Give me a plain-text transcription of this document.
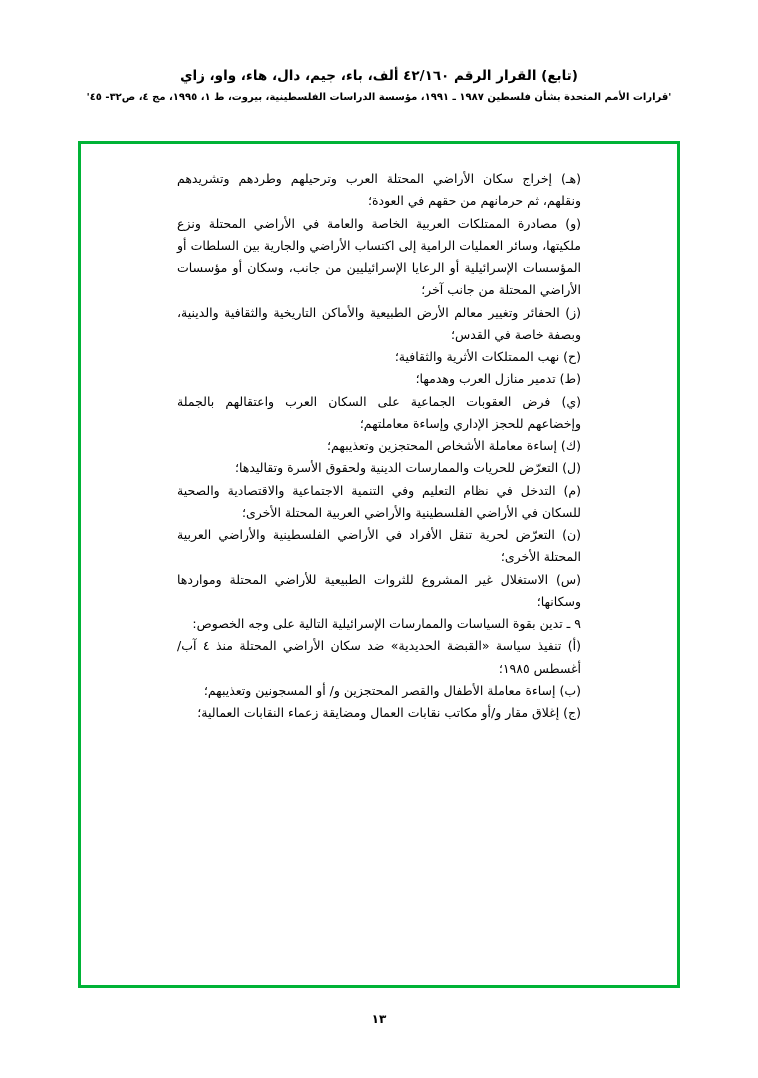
(تابع) القرار الرقم ٤٢/١٦٠ ألف، باء، جيم، دال، هاء، واو، زاي
'قرارات الأمم المتحدة بشأن فلسطين ١٩٨٧ ـ ١٩٩١، مؤسسة الدراسات الفلسطينية، بيروت، ط ١، ١٩٩٥، مج ٤، ص٣٢- ٤٥'

(هـ) إخراج سكان الأراضي المحتلة العرب وترحيلهم وطردهم وتشريدهم ونقلهم، ثم حرمانهم من حقهم في العودة؛

(و) مصادرة الممتلكات العربية الخاصة والعامة في الأراضي المحتلة ونزع ملكيتها، وسائر العمليات الرامية إلى اكتساب الأراضي والجارية بين السلطات أو المؤسسات الإسرائيلية أو الرعايا الإسرائيليين من جانب، وسكان أو مؤسسات الأراضي المحتلة من جانب آخر؛

(ز) الحفائر وتغيير معالم الأرض الطبيعية والأماكن التاريخية والثقافية والدينية، وبصفة خاصة في القدس؛

(ح) نهب الممتلكات الأثرية والثقافية؛

(ط) تدمير منازل العرب وهدمها؛

(ي) فرض العقوبات الجماعية على السكان العرب واعتقالهم بالجملة وإخضاعهم للحجز الإداري وإساءة معاملتهم؛

(ك) إساءة معاملة الأشخاص المحتجزين وتعذيبهم؛

(ل) التعرّض للحريات والممارسات الدينية ولحقوق الأسرة وتقاليدها؛

(م) التدخل في نظام التعليم وفي التنمية الاجتماعية والاقتصادية والصحية للسكان في الأراضي الفلسطينية والأراضي العربية المحتلة الأخرى؛

(ن) التعرّض لحرية تنقل الأفراد في الأراضي الفلسطينية والأراضي العربية المحتلة الأخرى؛

(س) الاستغلال غير المشروع للثروات الطبيعية للأراضي المحتلة ومواردها وسكانها؛

٩ ـ تدين بقوة السياسات والممارسات الإسرائيلية التالية على وجه الخصوص:

(أ) تنفيذ سياسة «القبضة الحديدية» ضد سكان الأراضي المحتلة منذ ٤ آب/أغسطس ١٩٨٥؛

(ب) إساءة معاملة الأطفال والقصر المحتجزين و/ أو المسجونين وتعذيبهم؛

(ج) إغلاق مقار و/أو مكاتب نقابات العمال ومضايقة زعماء النقابات العمالية؛

١٣
